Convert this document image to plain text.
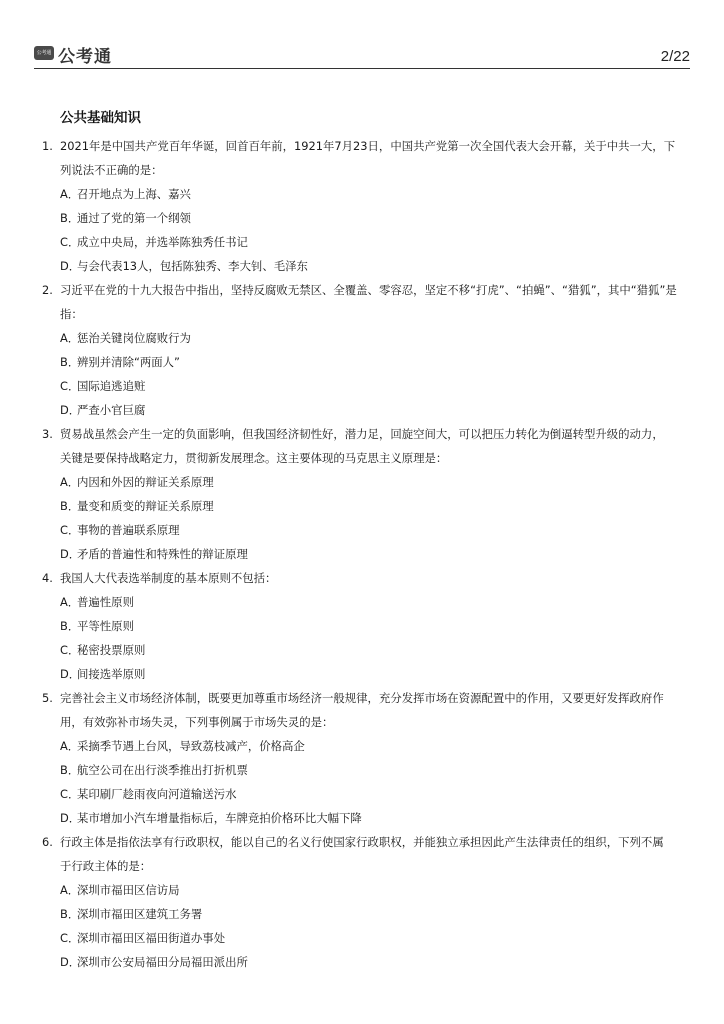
公考通 公考通	2/22
公共基础知识
1. 2021年是中国共产党百年华诞，回首百年前，1921年7月23日，中国共产党第一次全国代表大会开幕，关于中共一大，下
列说法不正确的是：
A．召开地点为上海、嘉兴
B．通过了党的第一个纲领
C．成立中央局，并选举陈独秀任书记
D．与会代表13人，包括陈独秀、李大钊、毛泽东
2. 习近平在党的十九大报告中指出，坚持反腐败无禁区、全覆盖、零容忍，坚定不移“打虎”、“拍蝇”、“猎狐”，其中“猎狐”是
指：
A．惩治关键岗位腐败行为
B．辨别并清除“两面人”
C．国际追逃追赃
D．严查小官巨腐
3. 贸易战虽然会产生一定的负面影响，但我国经济韧性好，潜力足，回旋空间大，可以把压力转化为倒逼转型升级的动力，
关键是要保持战略定力，贯彻新发展理念。这主要体现的马克思主义原理是：
A．内因和外因的辩证关系原理
B．量变和质变的辩证关系原理
C．事物的普遍联系原理
D．矛盾的普遍性和特殊性的辩证原理
4. 我国人大代表选举制度的基本原则不包括：
A．普遍性原则
B．平等性原则
C．秘密投票原则
D．间接选举原则
5. 完善社会主义市场经济体制，既要更加尊重市场经济一般规律，充分发挥市场在资源配置中的作用，又要更好发挥政府作
用，有效弥补市场失灵，下列事例属于市场失灵的是：
A．采摘季节遇上台风，导致荔枝减产，价格高企
B．航空公司在出行淡季推出打折机票
C．某印刷厂趁雨夜向河道输送污水
D．某市增加小汽车增量指标后，车牌竞拍价格环比大幅下降
6. 行政主体是指依法享有行政职权，能以自己的名义行使国家行政职权，并能独立承担因此产生法律责任的组织，下列不属
于行政主体的是：
A．深圳市福田区信访局
B．深圳市福田区建筑工务署
C．深圳市福田区福田街道办事处
D．深圳市公安局福田分局福田派出所
